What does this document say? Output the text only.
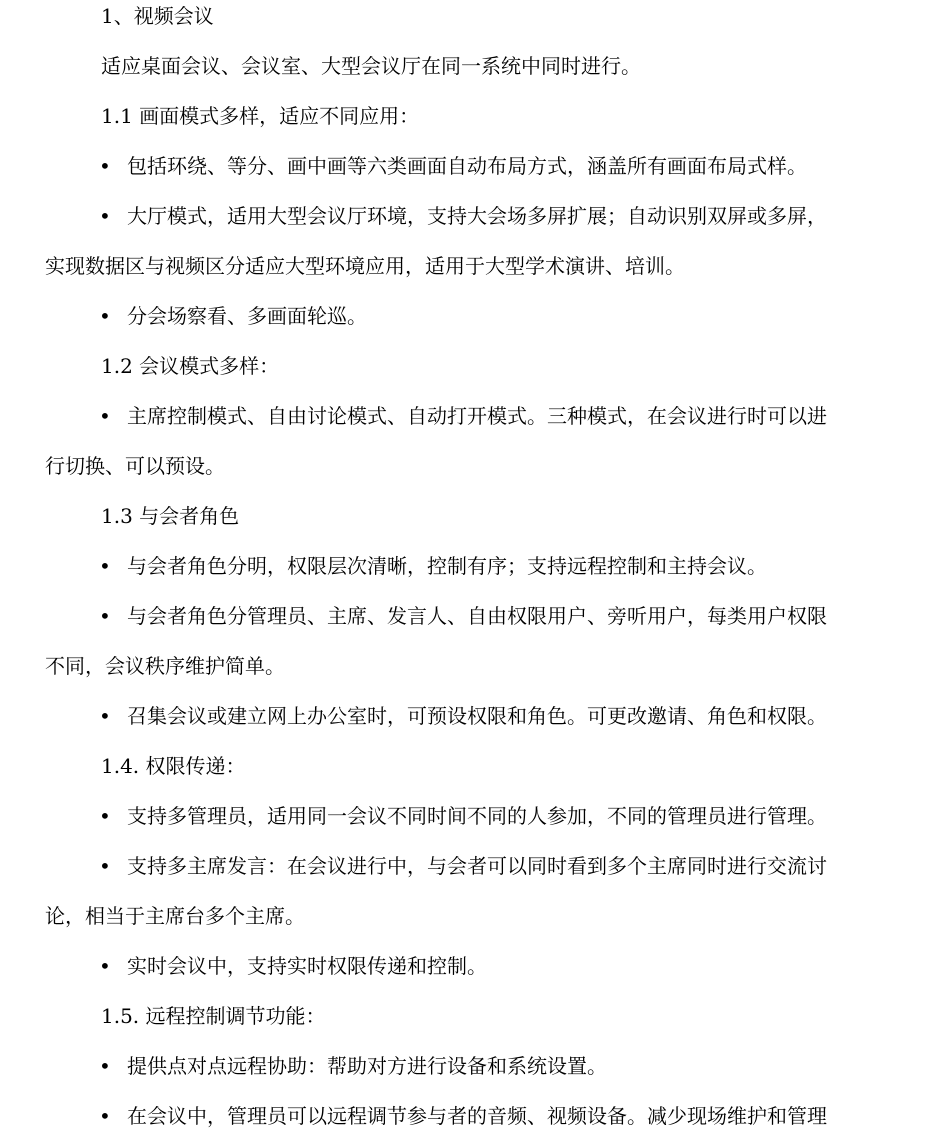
1、视频会议
适应桌面会议、会议室、大型会议厅在同一系统中同时进行。
1.1 画面模式多样，适应不同应用：
• 包括环绕、等分、画中画等六类画面自动布局方式，涵盖所有画面布局式样。
• 大厅模式，适用大型会议厅环境，支持大会场多屏扩展；自动识别双屏或多屏，
实现数据区与视频区分适应大型环境应用，适用于大型学术演讲、培训。
• 分会场察看、多画面轮巡。
1.2 会议模式多样：
• 主席控制模式、自由讨论模式、自动打开模式。三种模式，在会议进行时可以进
行切换、可以预设。
1.3 与会者角色
• 与会者角色分明，权限层次清晰，控制有序；支持远程控制和主持会议。
• 与会者角色分管理员、主席、发言人、自由权限用户、旁听用户，每类用户权限
不同，会议秩序维护简单。
• 召集会议或建立网上办公室时，可预设权限和角色。可更改邀请、角色和权限。
1.4. 权限传递：
• 支持多管理员，适用同一会议不同时间不同的人参加，不同的管理员进行管理。
• 支持多主席发言：在会议进行中，与会者可以同时看到多个主席同时进行交流讨
论，相当于主席台多个主席。
• 实时会议中，支持实时权限传递和控制。
1.5. 远程控制调节功能：
• 提供点对点远程协助：帮助对方进行设备和系统设置。
• 在会议中，管理员可以远程调节参与者的音频、视频设备。减少现场维护和管理
